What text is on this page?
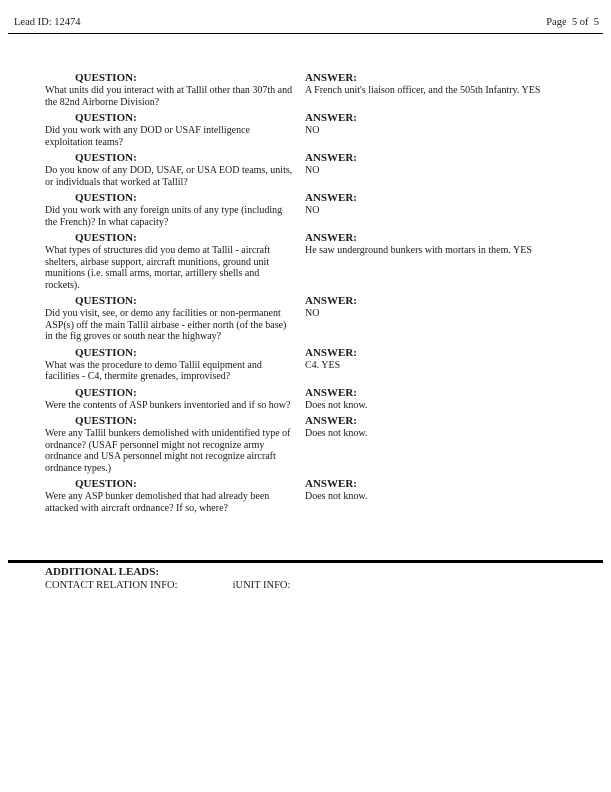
Lead ID: 12474	Page  5 of  5
QUESTION:
What units did you interact with at Tallil other than 307th and the 82nd Airborne Division?
ANSWER:
A French unit's liaison officer, and the 505th Infantry. YES
QUESTION:
Did you work with any DOD or USAF intelligence exploitation teams?
ANSWER:
NO
QUESTION:
Do you know of any DOD, USAF, or USA EOD teams, units, or individuals that worked at Tallil?
ANSWER:
NO
QUESTION:
Did you work with any foreign units of any type (including the French)? In what capacity?
ANSWER:
NO
QUESTION:
What types of structures did you demo at Tallil - aircraft shelters, airbase support, aircraft munitions, ground unit munitions (i.e. small arms, mortar, artillery shells and rockets).
ANSWER:
He saw underground bunkers with mortars in them. YES
QUESTION:
Did you visit, see, or demo any facilities or non-permanent ASP(s) off the main Tallil airbase - either north (of the base) in the fig groves or south near the highway?
ANSWER:
NO
QUESTION:
What was the procedure to demo Tallil equipment and facilities - C4, thermite grenades, improvised?
ANSWER:
C4. YES
QUESTION:
Were the contents of ASP bunkers inventoried and if so how?
ANSWER:
Does not know.
QUESTION:
Were any Tallil bunkers demolished with unidentified type of ordnance? (USAF personnel might not recognize army ordnance and USA personnel might not recognize aircraft ordnance types.)
ANSWER:
Does not know.
QUESTION:
Were any ASP bunker demolished that had already been attacked with aircraft ordnance? If so, where?
ANSWER:
Does not know.
ADDITIONAL LEADS:
CONTACT RELATION INFO:	iUNIT INFO:
